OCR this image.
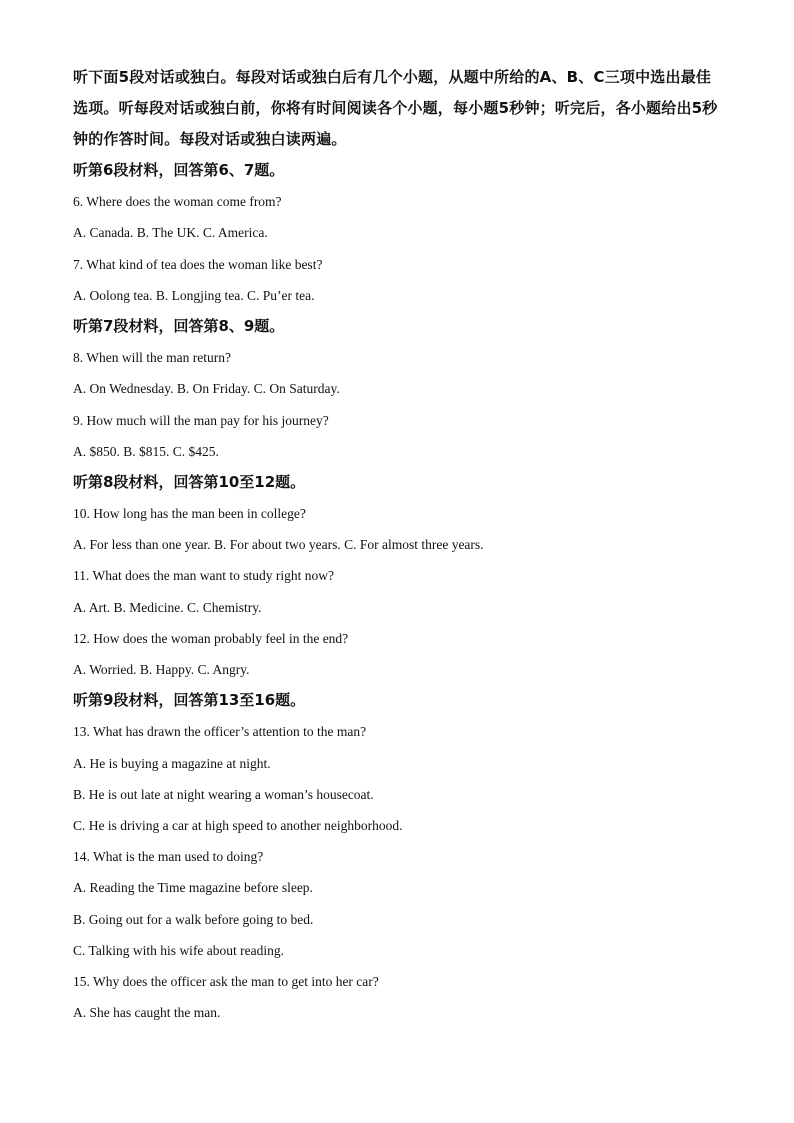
听下面5段对话或独白。每段对话或独白后有几个小题，从题中所给的A、B、C三项中选出最佳选项。听每段对话或独白前，你将有时间阅读各个小题，每小题5秒钟；听完后，各小题给出5秒钟的作答时间。每段对话或独白读两遍。

听第6段材料，回答第6、7题。

6. Where does the woman come from?

A. Canada. B. The UK. C. America.

7. What kind of tea does the woman like best?

A. Oolong tea. B. Longjing tea. C. Pu’er tea.

听第7段材料，回答第8、9题。

8. When will the man return?

A. On Wednesday. B. On Friday. C. On Saturday.

9. How much will the man pay for his journey?

A. $850. B. $815. C. $425.

听第8段材料，回答第10至12题。

10. How long has the man been in college?

A. For less than one year. B. For about two years. C. For almost three years.

11. What does the man want to study right now?

A. Art. B. Medicine. C. Chemistry.

12. How does the woman probably feel in the end?

A. Worried. B. Happy. C. Angry.

听第9段材料，回答第13至16题。

13. What has drawn the officer’s attention to the man?

A. He is buying a magazine at night.

B. He is out late at night wearing a woman’s housecoat.

C. He is driving a car at high speed to another neighborhood.

14. What is the man used to doing?

A. Reading the Time magazine before sleep.

B. Going out for a walk before going to bed.

C. Talking with his wife about reading.

15. Why does the officer ask the man to get into her car?

A. She has caught the man.
